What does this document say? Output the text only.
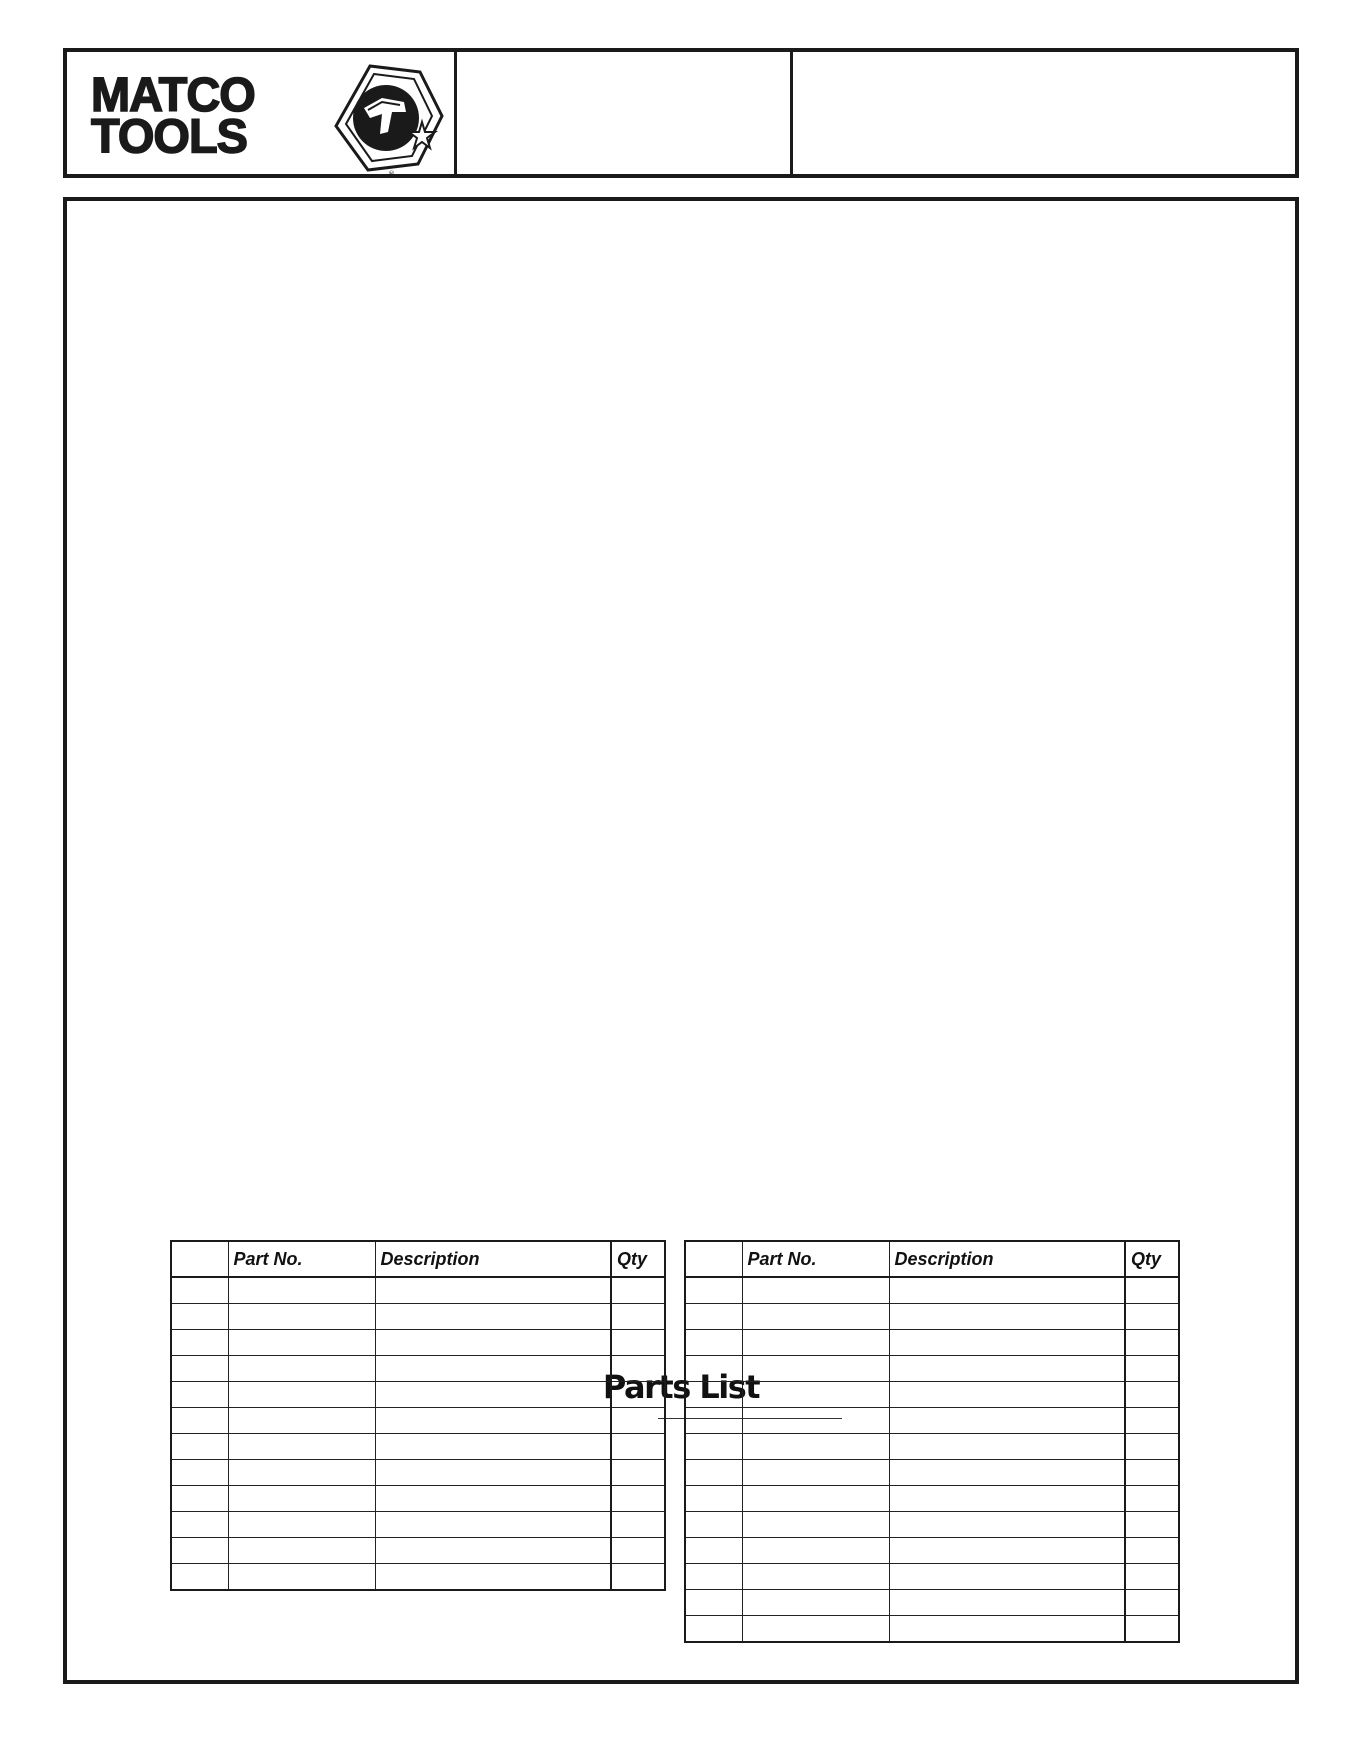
MATCO
TOOLS
®
Parts List
	Part No.	Description	Qty

		Part No.	Description	Qty
